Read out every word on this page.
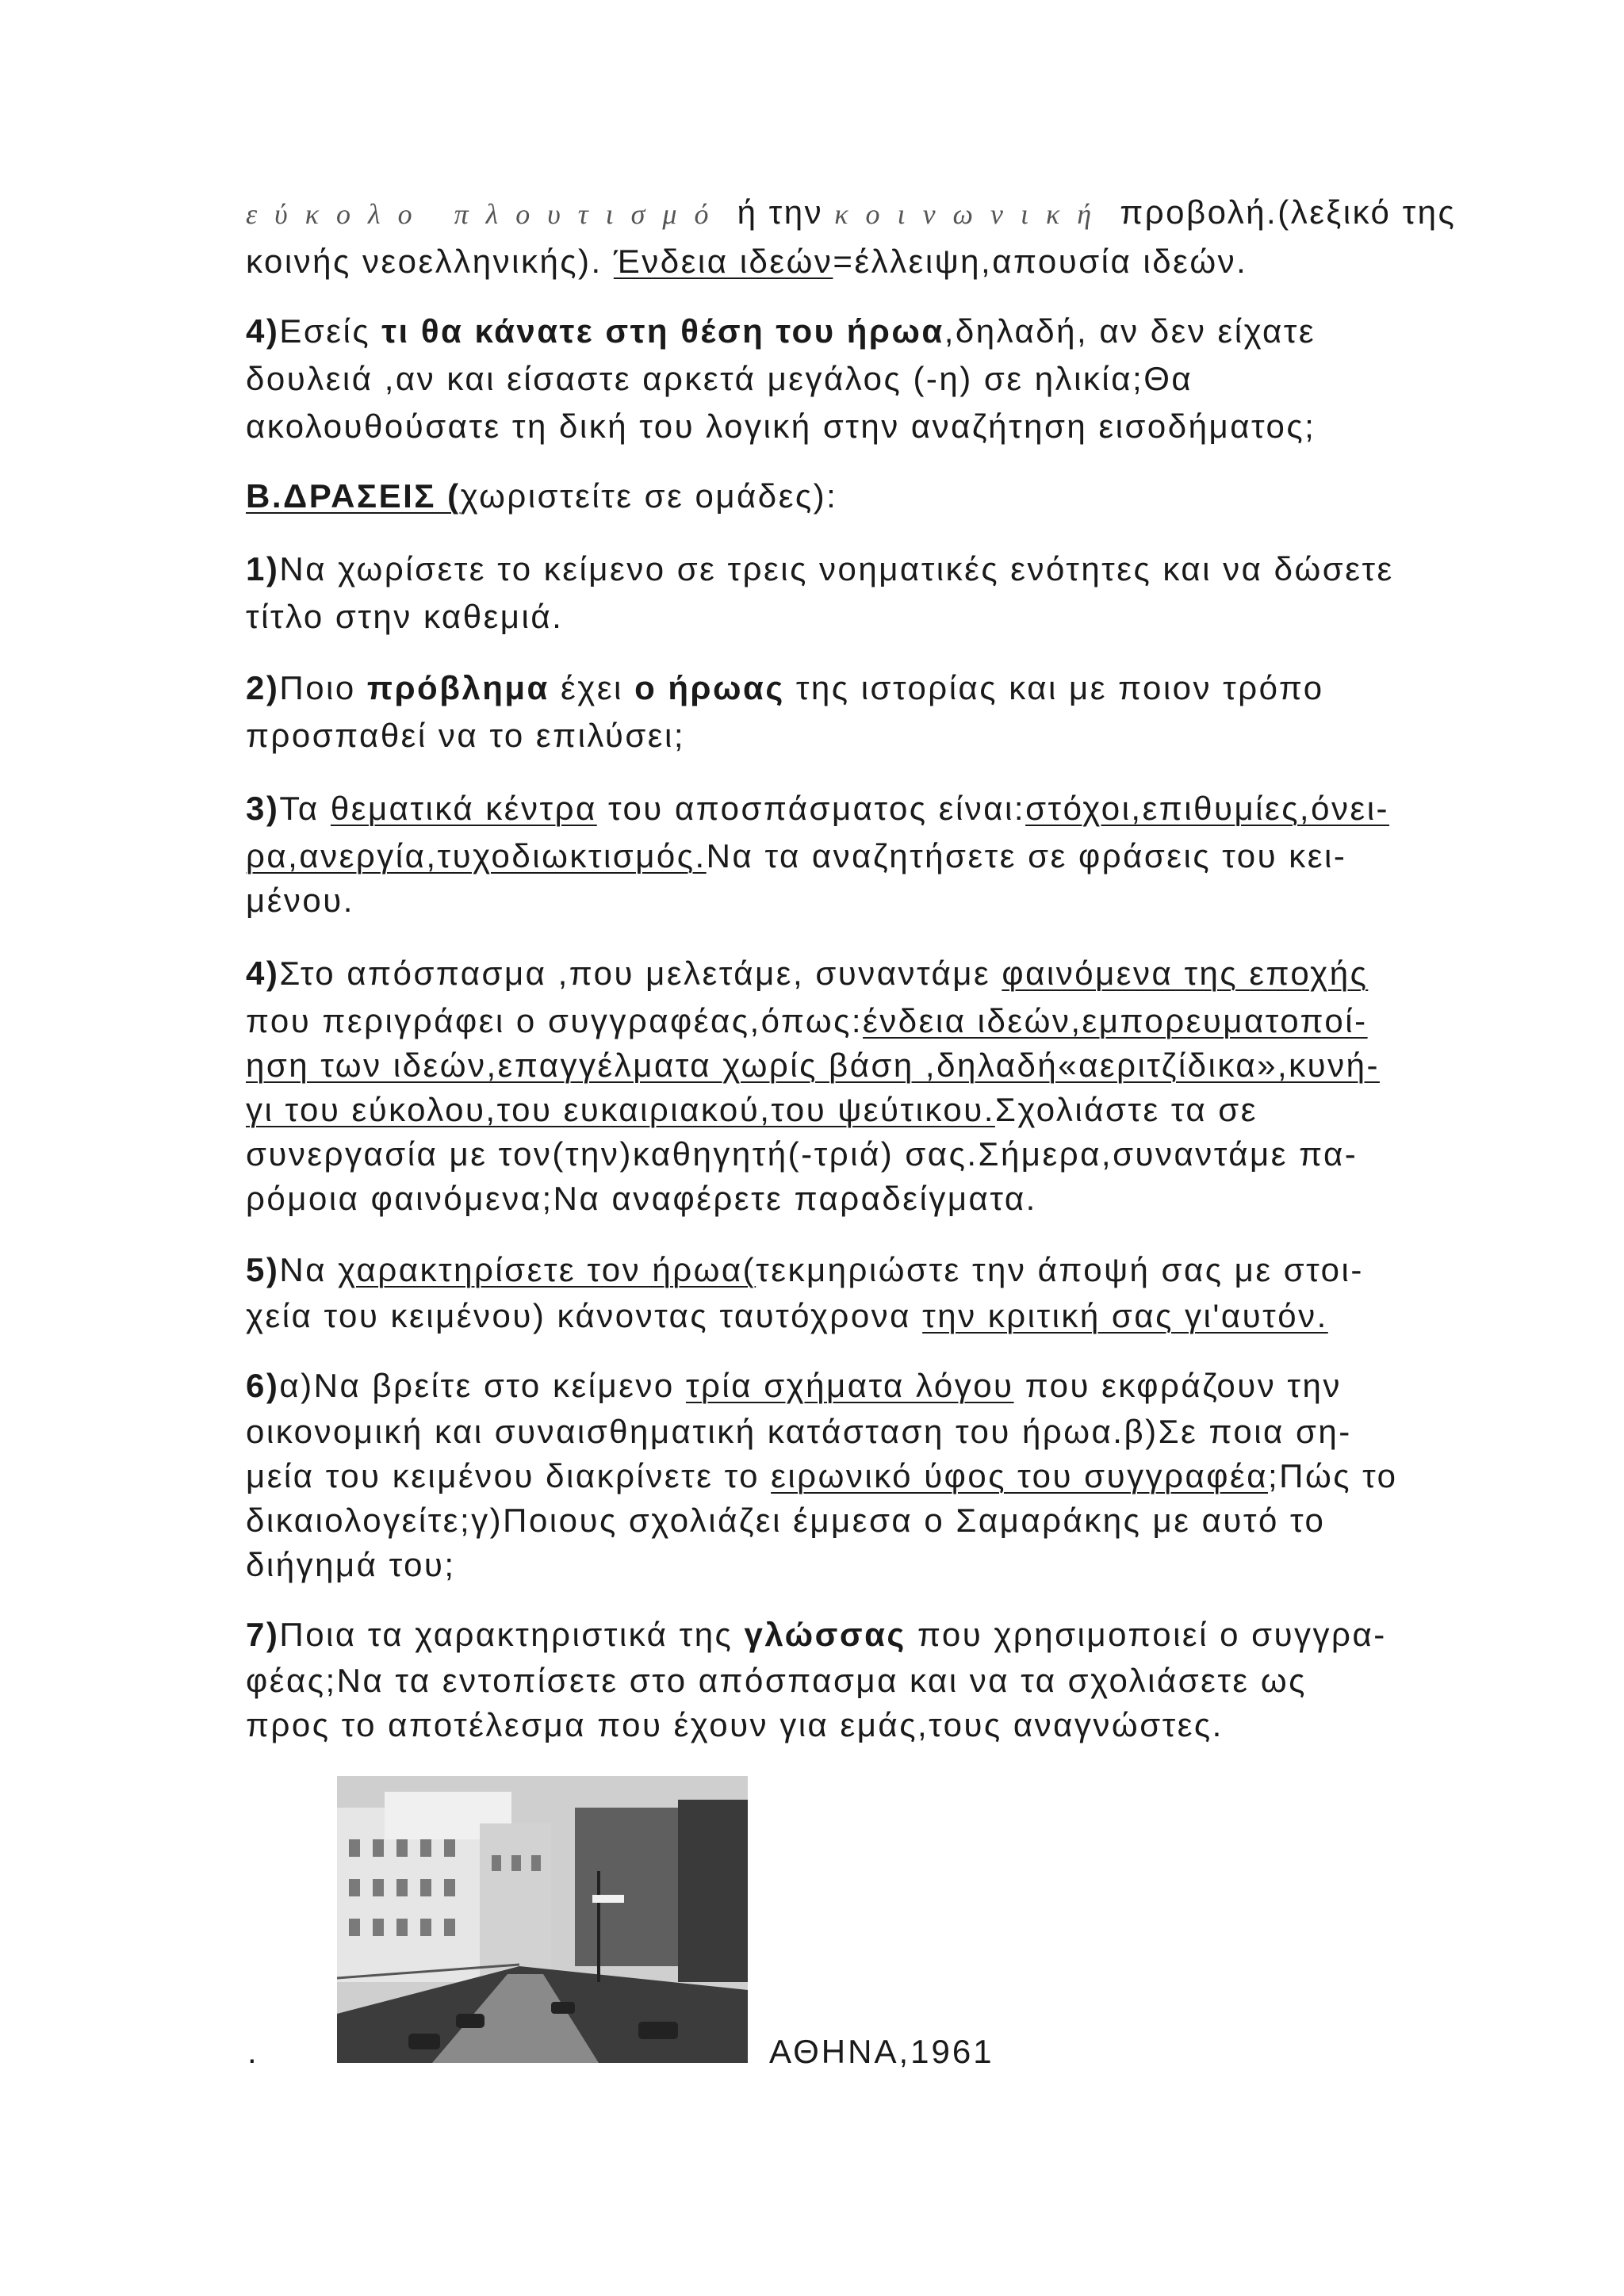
εύκολο πλουτισμό ή την κοινωνική προβολή.(λεξικό της
κοινής νεοελληνικής). Ένδεια ιδεών=έλλειψη,απουσία ιδεών.
4)Εσείς τι θα κάνατε στη θέση του ήρωα,δηλαδή, αν δεν είχατε
δουλειά ,αν και είσαστε αρκετά μεγάλος (-η) σε ηλικία;Θα
ακολουθούσατε τη δική του λογική στην αναζήτηση εισοδήματος;
Β.ΔΡΑΣΕΙΣ (χωριστείτε σε ομάδες):
1)Να χωρίσετε το κείμενο σε τρεις νοηματικές ενότητες και να δώσετε
τίτλο στην καθεμιά.
2)Ποιο πρόβλημα έχει ο ήρωας της ιστορίας και με ποιον τρόπο
προσπαθεί να το επιλύσει;
3)Τα θεματικά κέντρα του αποσπάσματος είναι:στόχοι,επιθυμίες,όνει-
ρα,ανεργία,τυχοδιωκτισμός.Να τα αναζητήσετε σε φράσεις του κει-
μένου.
4)Στο απόσπασμα ,που μελετάμε, συναντάμε φαινόμενα της εποχής
που περιγράφει ο συγγραφέας,όπως:ένδεια ιδεών,εμπορευματοποί-
ηση των ιδεών,επαγγέλματα χωρίς βάση ,δηλαδή«αεριτζίδικα»,κυνή-
γι του εύκολου,του ευκαιριακού,του ψεύτικου.Σχολιάστε τα σε
συνεργασία με τον(την)καθηγητή(-τριά) σας.Σήμερα,συναντάμε πα-
ρόμοια φαινόμενα;Να αναφέρετε παραδείγματα.
5)Να χαρακτηρίσετε τον ήρωα(τεκμηριώστε την άποψή σας με στοι-
χεία του κειμένου) κάνοντας ταυτόχρονα την κριτική σας γι'αυτόν.
6)α)Να βρείτε στο κείμενο τρία σχήματα λόγου που εκφράζουν την
οικονομική και συναισθηματική κατάσταση του ήρωα.β)Σε ποια ση-
μεία του κειμένου διακρίνετε το ειρωνικό ύφος του συγγραφέα;Πώς το
δικαιολογείτε;γ)Ποιους σχολιάζει έμμεσα ο Σαμαράκης με αυτό το
διήγημά του;
7)Ποια τα χαρακτηριστικά της γλώσσας που χρησιμοποιεί ο συγγρα-
φέας;Να τα εντοπίσετε στο απόσπασμα και να τα σχολιάσετε ως
προς το αποτέλεσμα που έχουν για εμάς,τους αναγνώστες.
.	ΑΘΗΝΑ,1961
